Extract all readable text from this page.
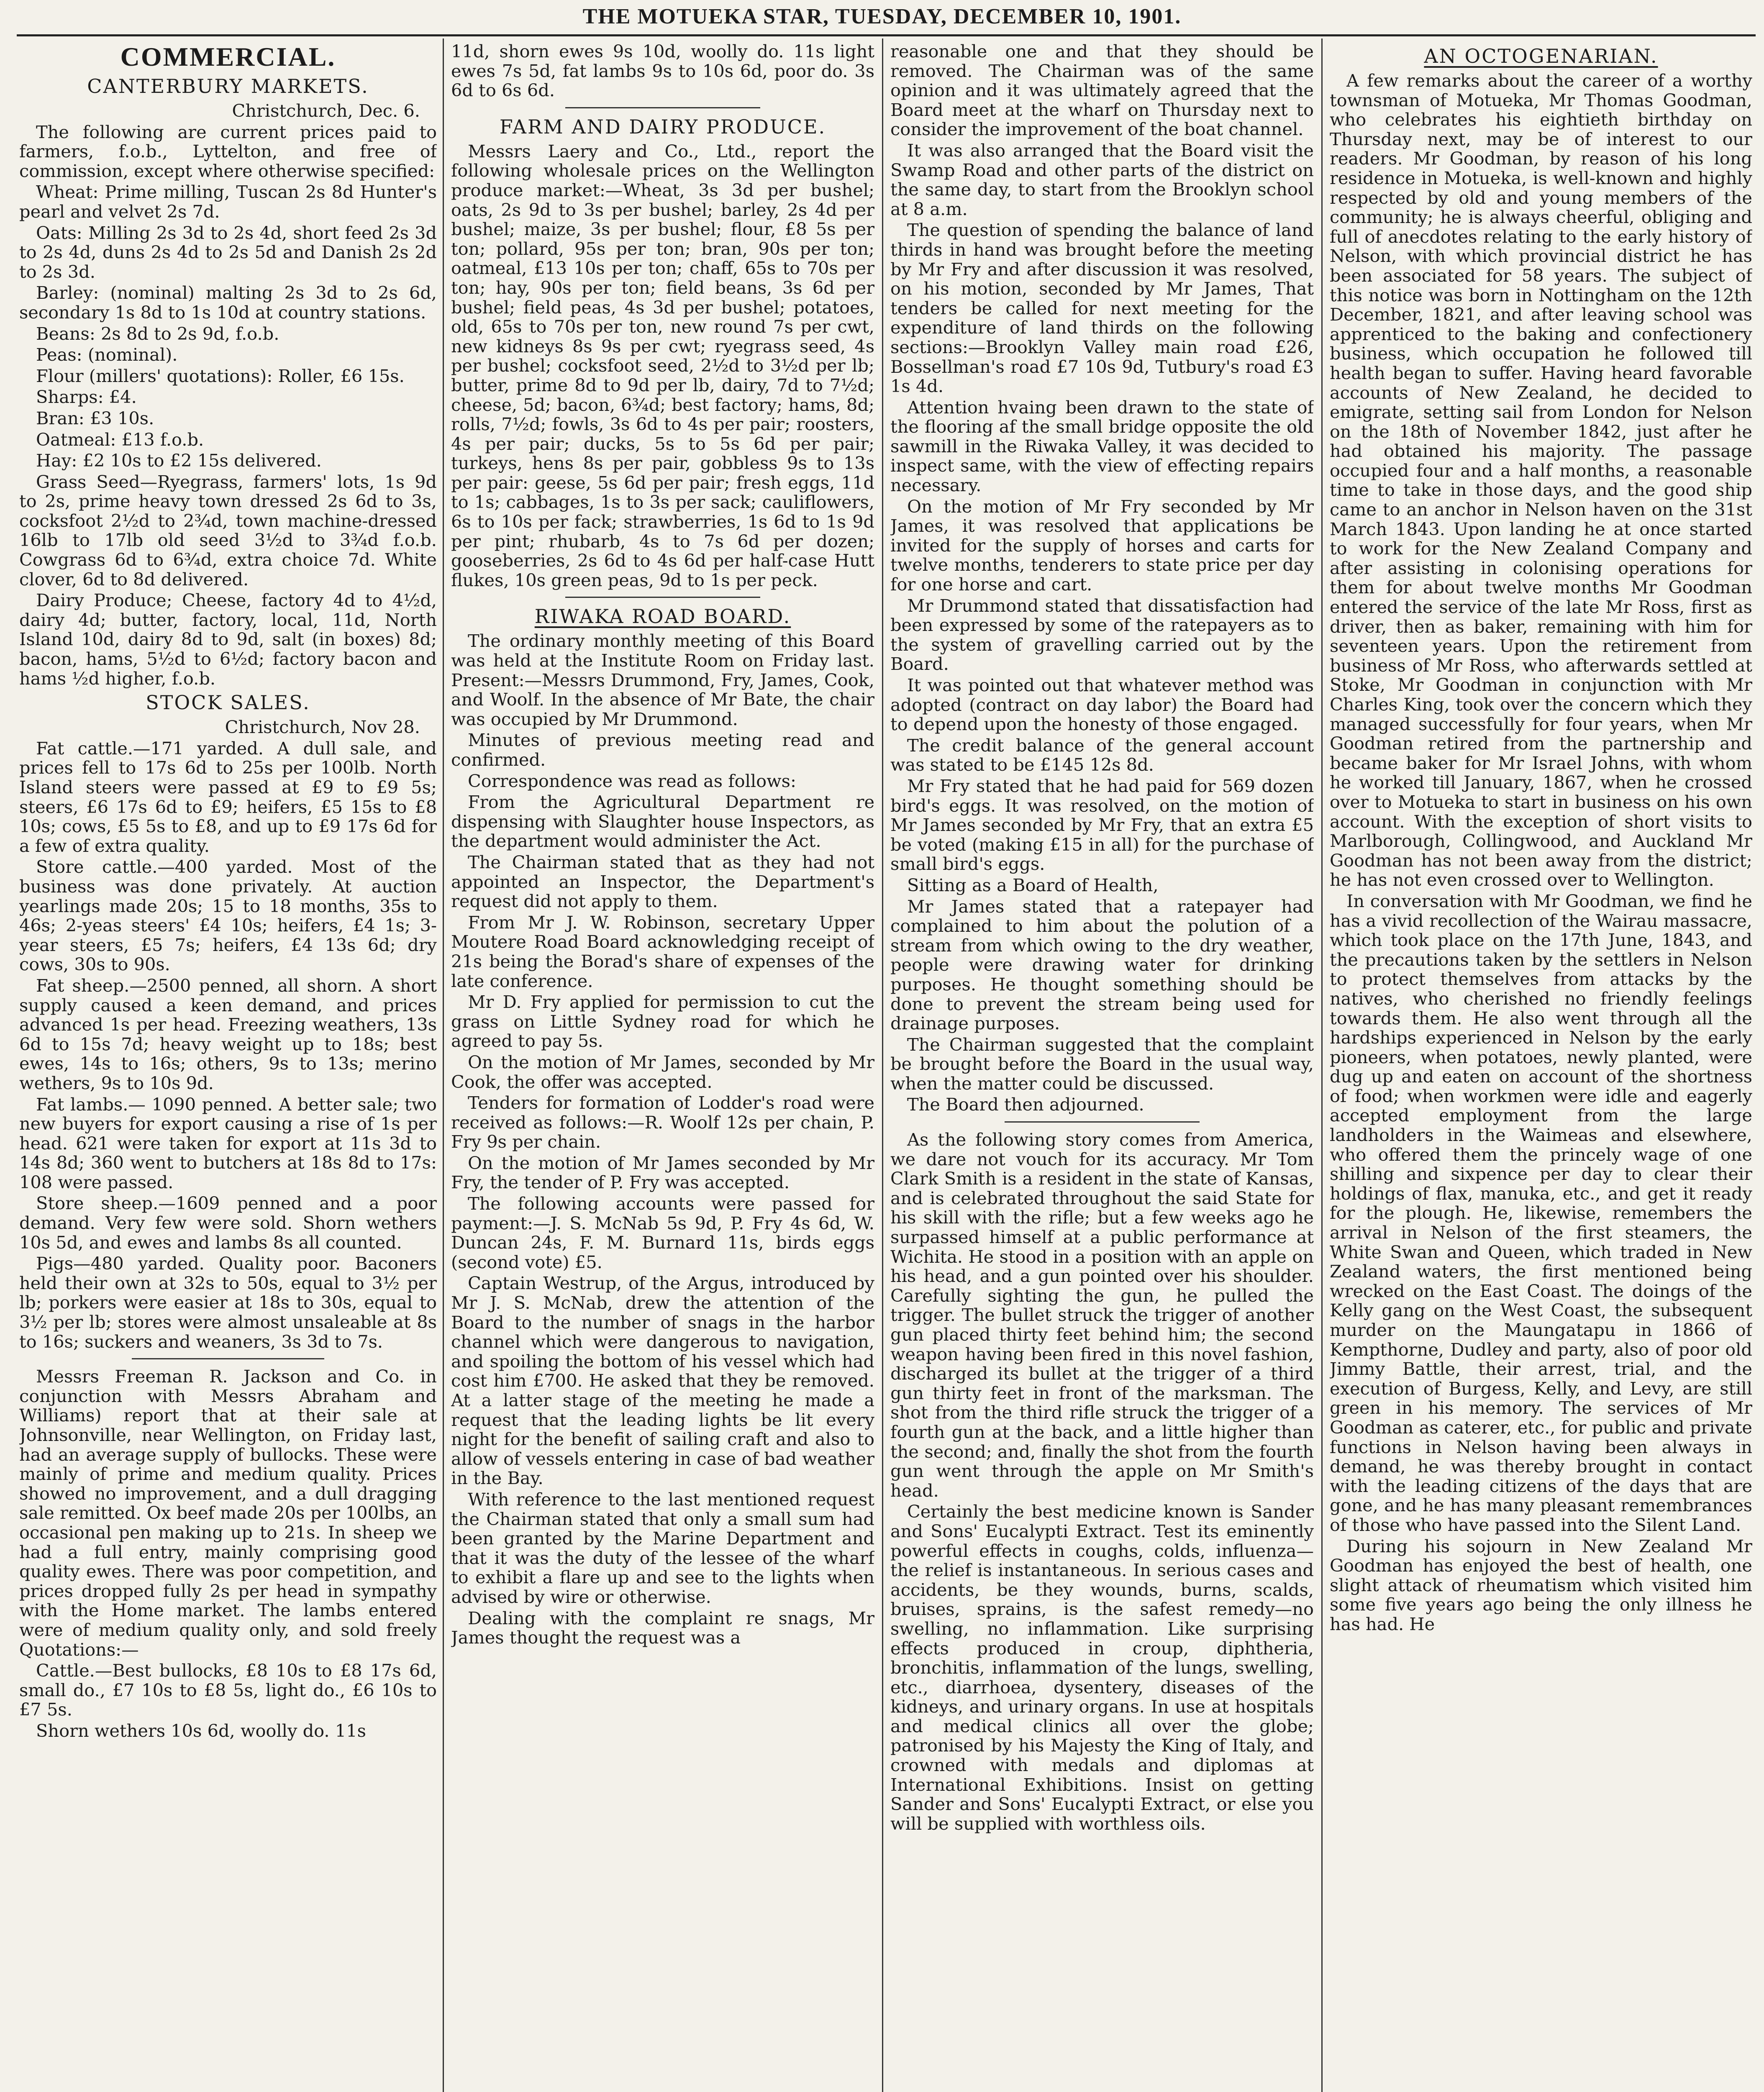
THE MOTUEKA STAR, TUESDAY, DECEMBER 10, 1901.
COMMERCIAL.
CANTERBURY MARKETS.

Christchurch, Dec. 6.

The following are current prices paid to farmers, f.o.b., Lyttelton, and free of commission, except where otherwise specified:

Wheat: Prime milling, Tuscan 2s 8d Hunter's pearl and velvet 2s 7d.

Oats: Milling 2s 3d to 2s 4d, short feed 2s 3d to 2s 4d, duns 2s 4d to 2s 5d and Danish 2s 2d to 2s 3d.

Barley: (nominal) malting 2s 3d to 2s 6d, secondary 1s 8d to 1s 10d at country stations.

Beans: 2s 8d to 2s 9d, f.o.b.

Peas: (nominal).

Flour (millers' quotations): Roller, £6 15s.

Sharps: £4.

Bran: £3 10s.

Oatmeal: £13 f.o.b.

Hay: £2 10s to £2 15s delivered.

Grass Seed—Ryegrass, farmers' lots, 1s 9d to 2s, prime heavy town dressed 2s 6d to 3s, cocksfoot 2½d to 2¾d, town machine-dressed 16lb to 17lb old seed 3½d to 3¾d f.o.b. Cowgrass 6d to 6¾d, extra choice 7d. White clover, 6d to 8d delivered.

Dairy Produce; Cheese, factory 4d to 4½d, dairy 4d; butter, factory, local, 11d, North Island 10d, dairy 8d to 9d, salt (in boxes) 8d; bacon, hams, 5½d to 6½d; factory bacon and hams ½d higher, f.o.b.

STOCK SALES.

Christchurch, Nov 28.

Fat cattle.—171 yarded. A dull sale, and prices fell to 17s 6d to 25s per 100lb. North Island steers were passed at £9 to £9 5s; steers, £6 17s 6d to £9; heifers, £5 15s to £8 10s; cows, £5 5s to £8, and up to £9 17s 6d for a few of extra quality.

Store cattle.—400 yarded. Most of the business was done privately. At auction yearlings made 20s; 15 to 18 months, 35s to 46s; 2-yeas steers' £4 10s; heifers, £4 1s; 3-year steers, £5 7s; heifers, £4 13s 6d; dry cows, 30s to 90s.

Fat sheep.—2500 penned, all shorn. A short supply caused a keen demand, and prices advanced 1s per head. Freezing weathers, 13s 6d to 15s 7d; heavy weight up to 18s; best ewes, 14s to 16s; others, 9s to 13s; merino wethers, 9s to 10s 9d.

Fat lambs.— 1090 penned. A better sale; two new buyers for export causing a rise of 1s per head. 621 were taken for export at 11s 3d to 14s 8d; 360 went to butchers at 18s 8d to 17s: 108 were passed.

Store sheep.—1609 penned and a poor demand. Very few were sold. Shorn wethers 10s 5d, and ewes and lambs 8s all counted.

Pigs—480 yarded. Quality poor. Baconers held their own at 32s to 50s, equal to 3½ per lb; porkers were easier at 18s to 30s, equal to 3½ per lb; stores were almost unsaleable at 8s to 16s; suckers and weaners, 3s 3d to 7s.

Messrs Freeman R. Jackson and Co. in conjunction with Messrs Abraham and Williams) report that at their sale at Johnsonville, near Wellington, on Friday last, had an average supply of bullocks. These were mainly of prime and medium quality. Prices showed no improvement, and a dull dragging sale remitted. Ox beef made 20s per 100lbs, an occasional pen making up to 21s. In sheep we had a full entry, mainly comprising good quality ewes. There was poor competition, and prices dropped fully 2s per head in sympathy with the Home market. The lambs entered were of medium quality only, and sold freely Quotations:—

Cattle.—Best bullocks, £8 10s to £8 17s 6d, small do., £7 10s to £8 5s, light do., £6 10s to £7 5s.

Shorn wethers 10s 6d, woolly do. 11s

11d, shorn ewes 9s 10d, woolly do. 11s light ewes 7s 5d, fat lambs 9s to 10s 6d, poor do. 3s 6d to 6s 6d.

FARM AND DAIRY PRODUCE.

Messrs Laery and Co., Ltd., report the following wholesale prices on the Wellington produce market:—Wheat, 3s 3d per bushel; oats, 2s 9d to 3s per bushel; barley, 2s 4d per bushel; maize, 3s per bushel; flour, £8 5s per ton; pollard, 95s per ton; bran, 90s per ton; oatmeal, £13 10s per ton; chaff, 65s to 70s per ton; hay, 90s per ton; field beans, 3s 6d per bushel; field peas, 4s 3d per bushel; potatoes, old, 65s to 70s per ton, new round 7s per cwt, new kidneys 8s 9s per cwt; ryegrass seed, 4s per bushel; cocksfoot seed, 2½d to 3½d per lb; butter, prime 8d to 9d per lb, dairy, 7d to 7½d; cheese, 5d; bacon, 6¾d; best factory; hams, 8d; rolls, 7½d; fowls, 3s 6d to 4s per pair; roosters, 4s per pair; ducks, 5s to 5s 6d per pair; turkeys, hens 8s per pair, gobbless 9s to 13s per pair: geese, 5s 6d per pair; fresh eggs, 11d to 1s; cabbages, 1s to 3s per sack; cauliflowers, 6s to 10s per fack; strawberries, 1s 6d to 1s 9d per pint; rhubarb, 4s to 7s 6d per dozen; gooseberries, 2s 6d to 4s 6d per half-case Hutt flukes, 10s green peas, 9d to 1s per peck.

RIWAKA ROAD BOARD.

The ordinary monthly meeting of this Board was held at the Institute Room on Friday last. Present:—Messrs Drummond, Fry, James, Cook, and Woolf. In the absence of Mr Bate, the chair was occupied by Mr Drummond.

Minutes of previous meeting read and confirmed.

Correspondence was read as follows:

From the Agricultural Department re dispensing with Slaughter house Inspectors, as the department would administer the Act.

The Chairman stated that as they had not appointed an Inspector, the Department's request did not apply to them.

From Mr J. W. Robinson, secretary Upper Moutere Road Board acknowledging receipt of 21s being the Borad's share of expenses of the late conference.

Mr D. Fry applied for permission to cut the grass on Little Sydney road for which he agreed to pay 5s.

On the motion of Mr James, seconded by Mr Cook, the offer was accepted.

Tenders for formation of Lodder's road were received as follows:—R. Woolf 12s per chain, P. Fry 9s per chain.

On the motion of Mr James seconded by Mr Fry, the tender of P. Fry was accepted.

The following accounts were passed for payment:—J. S. McNab 5s 9d, P. Fry 4s 6d, W. Duncan 24s, F. M. Burnard 11s, birds eggs (second vote) £5.

Captain Westrup, of the Argus, introduced by Mr J. S. McNab, drew the attention of the Board to the number of snags in the harbor channel which were dangerous to navigation, and spoiling the bottom of his vessel which had cost him £700. He asked that they be removed. At a latter stage of the meeting he made a request that the leading lights be lit every night for the benefit of sailing craft and also to allow of vessels entering in case of bad weather in the Bay.

With reference to the last mentioned request the Chairman stated that only a small sum had been granted by the Marine Department and that it was the duty of the lessee of the wharf to exhibit a flare up and see to the lights when advised by wire or otherwise.

Dealing with the complaint re snags, Mr James thought the request was a

reasonable one and that they should be removed. The Chairman was of the same opinion and it was ultimately agreed that the Board meet at the wharf on Thursday next to consider the improvement of the boat channel.

It was also arranged that the Board visit the Swamp Road and other parts of the district on the same day, to start from the Brooklyn school at 8 a.m.

The question of spending the balance of land thirds in hand was brought before the meeting by Mr Fry and after discussion it was resolved, on his motion, seconded by Mr James, That tenders be called for next meeting for the expenditure of land thirds on the following sections:—Brooklyn Valley main road £26, Bossellman's road £7 10s 9d, Tutbury's road £3 1s 4d.

Attention hvaing been drawn to the state of the flooring af the small bridge opposite the old sawmill in the Riwaka Valley, it was decided to inspect same, with the view of effecting repairs necessary.

On the motion of Mr Fry seconded by Mr James, it was resolved that applications be invited for the supply of horses and carts for twelve months, tenderers to state price per day for one horse and cart.

Mr Drummond stated that dissatisfaction had been expressed by some of the ratepayers as to the system of gravelling carried out by the Board.

It was pointed out that whatever method was adopted (contract on day labor) the Board had to depend upon the honesty of those engaged.

The credit balance of the general account was stated to be £145 12s 8d.

Mr Fry stated that he had paid for 569 dozen bird's eggs. It was resolved, on the motion of Mr James seconded by Mr Fry, that an extra £5 be voted (making £15 in all) for the purchase of small bird's eggs.

Sitting as a Board of Health,

Mr James stated that a ratepayer had complained to him about the polution of a stream from which owing to the dry weather, people were drawing water for drinking purposes. He thought something should be done to prevent the stream being used for drainage purposes.

The Chairman suggested that the complaint be brought before the Board in the usual way, when the matter could be discussed.

The Board then adjourned.

As the following story comes from America, we dare not vouch for its accuracy. Mr Tom Clark Smith is a resident in the state of Kansas, and is celebrated throughout the said State for his skill with the rifle; but a few weeks ago he surpassed himself at a public performance at Wichita. He stood in a position with an apple on his head, and a gun pointed over his shoulder. Carefully sighting the gun, he pulled the trigger. The bullet struck the trigger of another gun placed thirty feet behind him; the second weapon having been fired in this novel fashion, discharged its bullet at the trigger of a third gun thirty feet in front of the marksman. The shot from the third rifle struck the trigger of a fourth gun at the back, and a little higher than the second; and, finally the shot from the fourth gun went through the apple on Mr Smith's head.

Certainly the best medicine known is Sander and Sons' Eucalypti Extract. Test its eminently powerful effects in coughs, colds, influenza—the relief is instantaneous. In serious cases and accidents, be they wounds, burns, scalds, bruises, sprains, is the safest remedy—no swelling, no inflammation. Like surprising effects produced in croup, diphtheria, bronchitis, inflammation of the lungs, swelling, etc., diarrhoea, dysentery, diseases of the kidneys, and urinary organs. In use at hospitals and medical clinics all over the globe; patronised by his Majesty the King of Italy, and crowned with medals and diplomas at International Exhibitions. Insist on getting Sander and Sons' Eucalypti Extract, or else you will be supplied with worthless oils.

AN OCTOGENARIAN.

A few remarks about the career of a worthy townsman of Motueka, Mr Thomas Goodman, who celebrates his eightieth birthday on Thursday next, may be of interest to our readers. Mr Goodman, by reason of his long residence in Motueka, is well-known and highly respected by old and young members of the community; he is always cheerful, obliging and full of anecdotes relating to the early history of Nelson, with which provincial district he has been associated for 58 years. The subject of this notice was born in Nottingham on the 12th December, 1821, and after leaving school was apprenticed to the baking and confectionery business, which occupation he followed till health began to suffer. Having heard favorable accounts of New Zealand, he decided to emigrate, setting sail from London for Nelson on the 18th of November 1842, just after he had obtained his majority. The passage occupied four and a half months, a reasonable time to take in those days, and the good ship came to an anchor in Nelson haven on the 31st March 1843. Upon landing he at once started to work for the New Zealand Company and after assisting in colonising operations for them for about twelve months Mr Goodman entered the service of the late Mr Ross, first as driver, then as baker, remaining with him for seventeen years. Upon the retirement from business of Mr Ross, who afterwards settled at Stoke, Mr Goodman in conjunction with Mr Charles King, took over the concern which they managed successfully for four years, when Mr Goodman retired from the partnership and became baker for Mr Israel Johns, with whom he worked till January, 1867, when he crossed over to Motueka to start in business on his own account. With the exception of short visits to Marlborough, Collingwood, and Auckland Mr Goodman has not been away from the district; he has not even crossed over to Wellington.

In conversation with Mr Goodman, we find he has a vivid recollection of the Wairau massacre, which took place on the 17th June, 1843, and the precautions taken by the settlers in Nelson to protect themselves from attacks by the natives, who cherished no friendly feelings towards them. He also went through all the hardships experienced in Nelson by the early pioneers, when potatoes, newly planted, were dug up and eaten on account of the shortness of food; when workmen were idle and eagerly accepted employment from the large landholders in the Waimeas and elsewhere, who offered them the princely wage of one shilling and sixpence per day to clear their holdings of flax, manuka, etc., and get it ready for the plough. He, likewise, remembers the arrival in Nelson of the first steamers, the White Swan and Queen, which traded in New Zealand waters, the first mentioned being wrecked on the East Coast. The doings of the Kelly gang on the West Coast, the subsequent murder on the Maungatapu in 1866 of Kempthorne, Dudley and party, also of poor old Jimmy Battle, their arrest, trial, and the execution of Burgess, Kelly, and Levy, are still green in his memory. The services of Mr Goodman as caterer, etc., for public and private functions in Nelson having been always in demand, he was thereby brought in contact with the leading citizens of the days that are gone, and he has many pleasant remembrances of those who have passed into the Silent Land.

During his sojourn in New Zealand Mr Goodman has enjoyed the best of health, one slight attack of rheumatism which visited him some five years ago being the only illness he has had. He
